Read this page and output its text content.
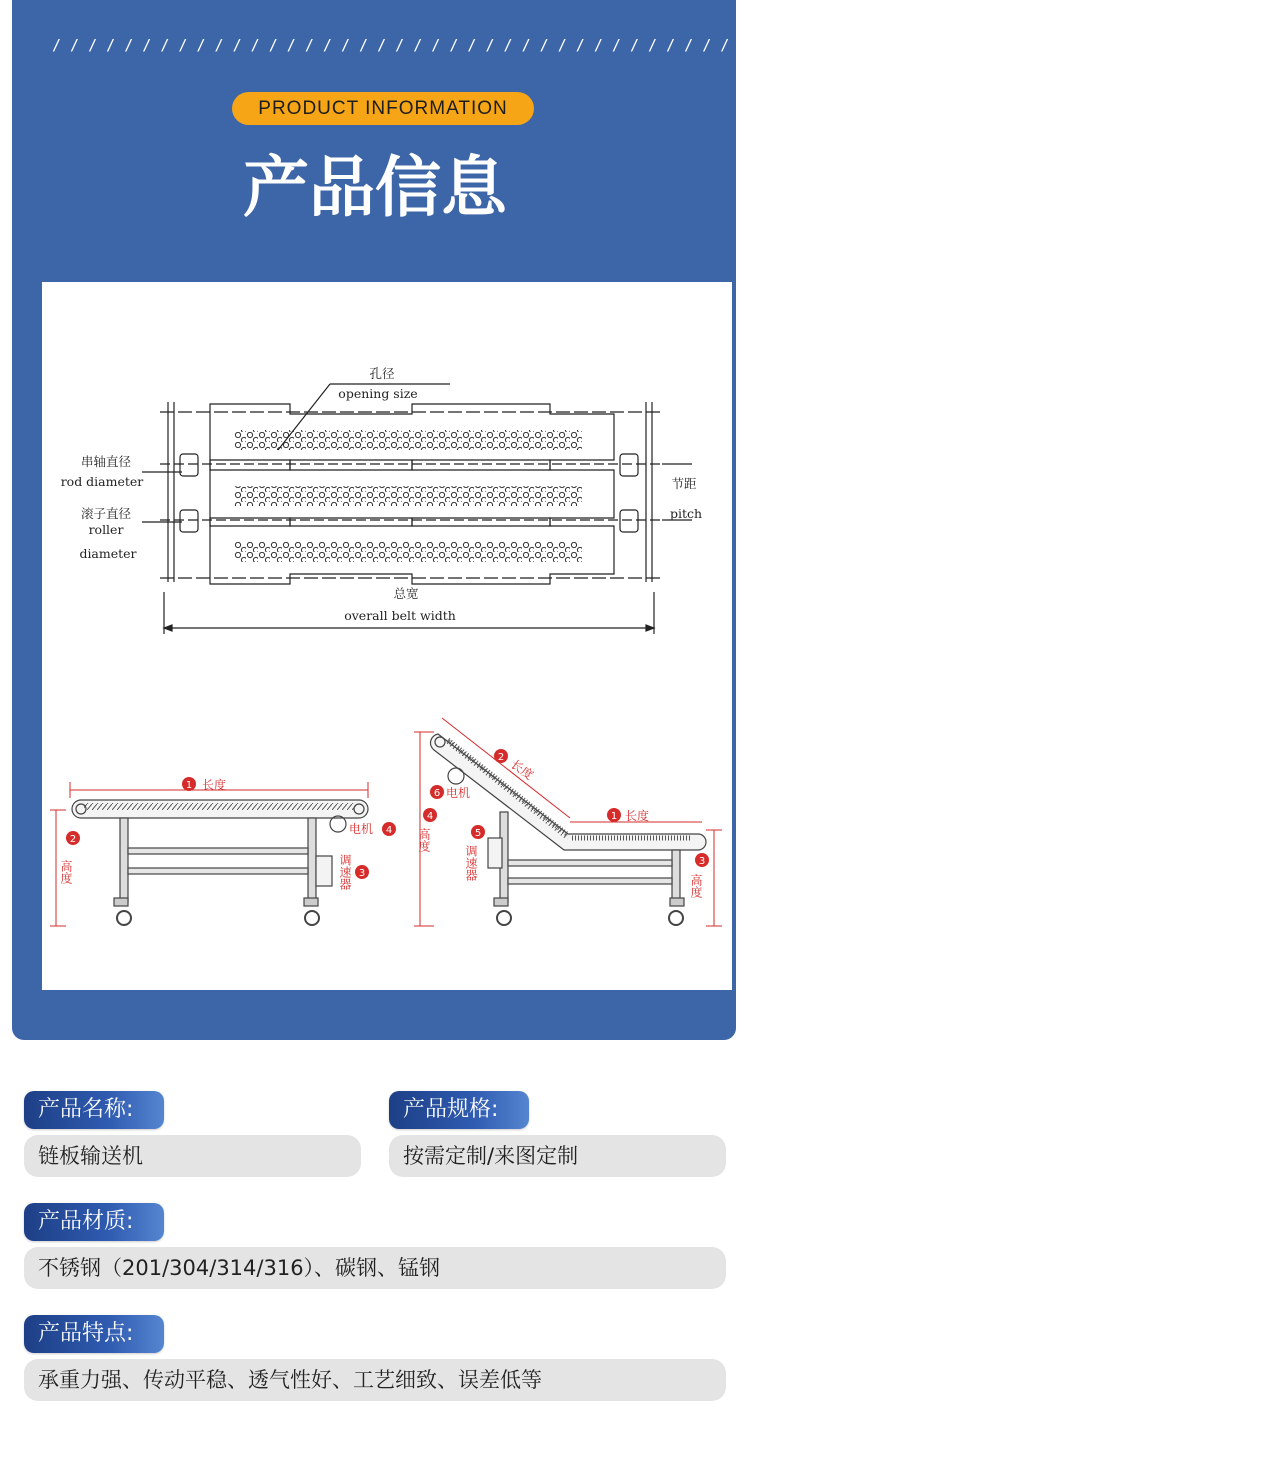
/ / / / / / / / / / / / / / / / / / / / / / / / / / / / / / / / / / / / / / / / / / / / / / / / / / / / / / / / / / / / / / / / / / / /
PRODUCT INFORMATION
产品信息
孔径
opening size
串轴直径
rod diameter
滚子直径
roller
diameter
节距
pitch
总宽
overall belt width
1 长度
2
高度	调速器 3
电机 4
2 长度
1 长度
6 电机
4
高度	5
调速器	3
高度
产品名称:
链板输送机
产品规格:
按需定制/来图定制
产品材质:
不锈钢（201/304/314/316）、碳钢、锰钢
产品特点:
承重力强、传动平稳、透气性好、工艺细致、误差低等
